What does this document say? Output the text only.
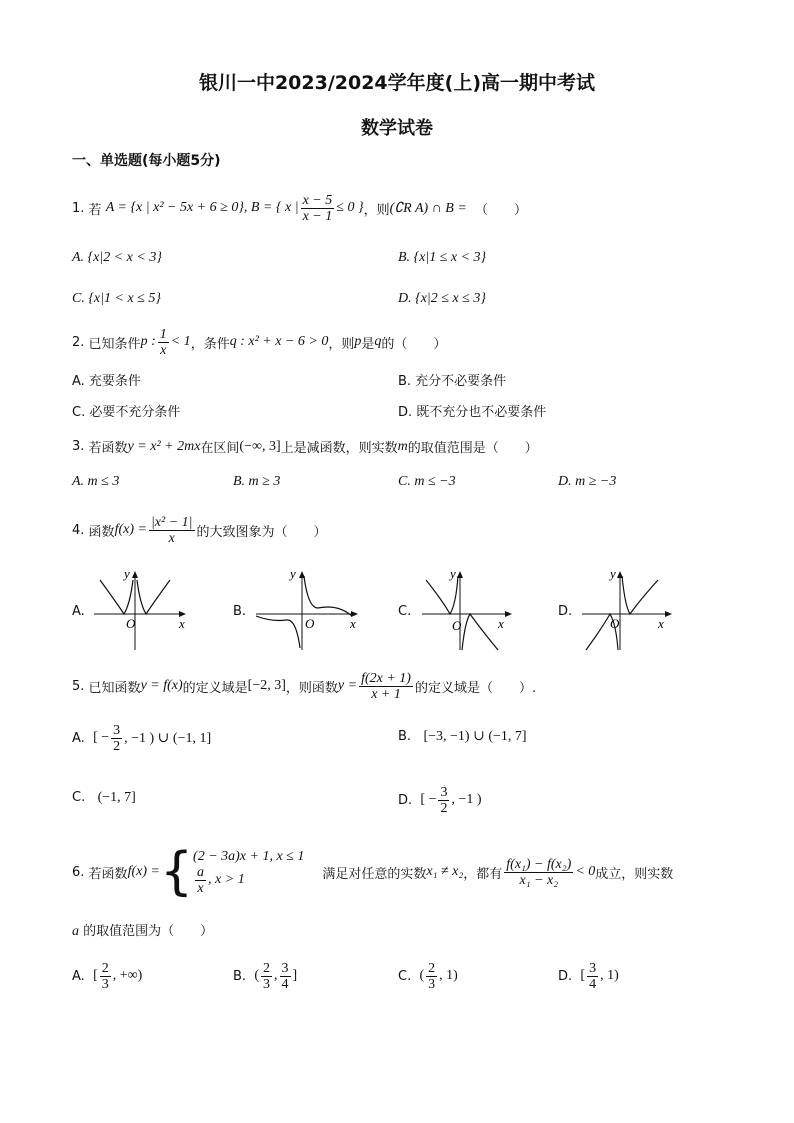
银川一中2023/2024学年度(上)高一期中考试
数学试卷
一、单选题(每小题5分)
1.
若
A = {x | x² − 5x + 6 ≥ 0} , B = { x | $\frac{x - 5}{x - 1} \le 0$ } ，则 (∁R A) ∩ B =
（　　）
A. {x|2 < x < 3}	B. {x|1 ≤ x < 3}
C. {x|1 < x ≤ 5}	D. {x|2 ≤ x ≤ 3}
2.
已知条件 p : $\frac{1}{x} < 1$ ，条件 q : x² + x − 6 > 0 ，则 p 是 q 的（　　）
A. 充要条件	B. 充分不必要条件
C. 必要不充分条件	D. 既不充分也不必要条件
3.
若函数 y = x² + 2mx 在区间 (−∞, 3] 上是减函数，则实数 m 的取值范围是（　　）
A. m ≤ 3	B. m ≥ 3	C. m ≤ −3	D. m ≥ −3
4.
函数 $f(x) = \frac{\text{|x² − 1|}}{x}$ 的大致图象为（　　）
A.
x
y
O
B.
x
y
O
C.
x
y
O
D.
x
y
O
5.
已知函数 y = f(x) 的定义域是 [−2, 3] ，则函数 $y = \frac{f(2x + 1)}{x + 1}$ 的定义域是（　　）.
A.
[ − $\frac{3}{2}$ , −1 ) ∪ (−1, 1]	B. [−3, −1) ∪ (−1, 7]
C. (−1, 7]	D.
[ − $\frac{3}{2}$ , −1 )
6.
若函数 f(x) = { (2 − 3a)x + 1, x ≤ 1
$\frac{a}{x}$ , x > 1	满足对任意的实数 x₁ ≠ x₂ ，都有 $\frac{\text{f(x₁) − f(x₂)}}{\text{x₁ − x₂}} < 0$ 成立，则实数
a 的取值范围为（　　）
A.
[ $\frac{2}{3}$ , +∞)	B.
( $\frac{2}{3}$ , $\frac{3}{4}$ ]	C.
( $\frac{2}{3}$ , 1)	D.
[ $\frac{3}{4}$ , 1)
